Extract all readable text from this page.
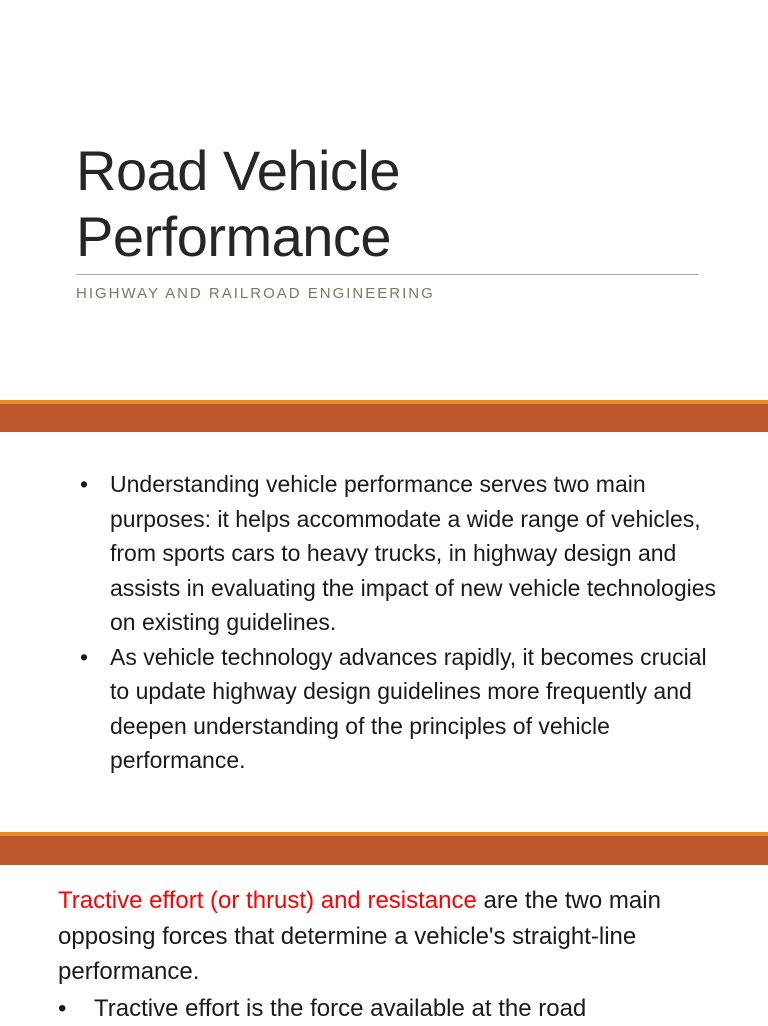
Road Vehicle
Performance
HIGHWAY AND RAILROAD ENGINEERING
• Understanding vehicle performance serves two main purposes: it helps accommodate a wide range of vehicles, from sports cars to heavy trucks, in highway design and assists in evaluating the impact of new vehicle technologies on existing guidelines.
• As vehicle technology advances rapidly, it becomes crucial to update highway design guidelines more frequently and deepen understanding of the principles of vehicle performance.

Tractive effort (or thrust) and resistance are the two main opposing forces that determine a vehicle's straight-line performance.

• Tractive effort is the force available at the road
